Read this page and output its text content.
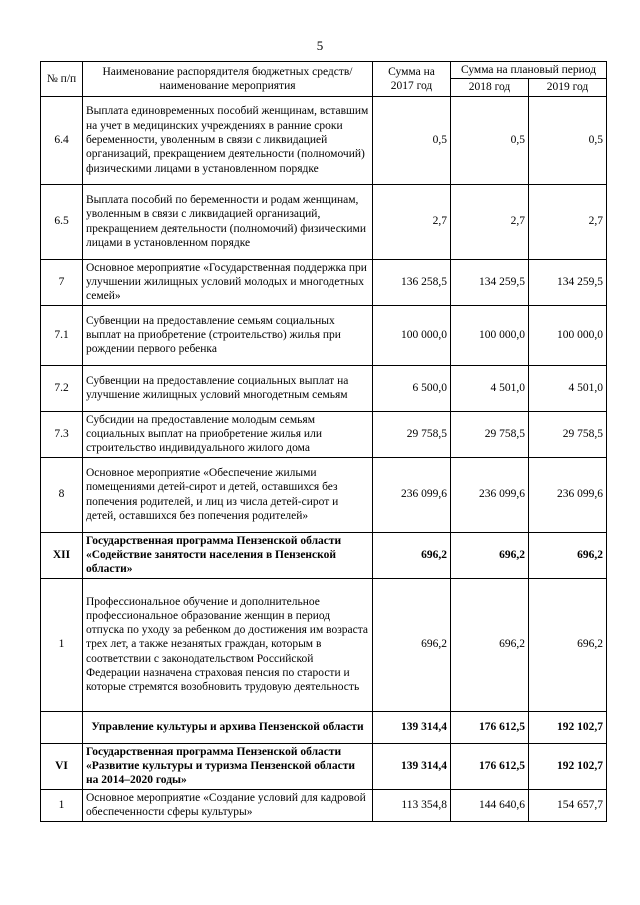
5
№ п/п	Наименование распорядителя бюджетных средств/наименование мероприятия	Сумма на 2017 год	Сумма на плановый период	
			2018 год	2019 год
6.4	Выплата единовременных пособий женщинам, вставшим на учет в медицинских учреждениях в ранние сроки беременности, уволенным в связи с ликвидацией организаций, прекращением деятельности (полномочий) физическими лицами в установленном порядке	0,5	0,5	0,5
6.5	Выплата пособий по беременности и родам женщинам, уволенным в связи с ликвидацией организаций, прекращением деятельности (полномочий) физическими лицами в установленном порядке	2,7	2,7	2,7
7	Основное мероприятие «Государственная поддержка при улучшении жилищных условий молодых и многодетных семей»	136 258,5	134 259,5	134 259,5
7.1	Субвенции на предоставление семьям социальных выплат на приобретение (строительство) жилья при рождении первого ребенка	100 000,0	100 000,0	100 000,0
7.2	Субвенции на предоставление социальных выплат на улучшение жилищных условий многодетным семьям	6 500,0	4 501,0	4 501,0
7.3	Субсидии на предоставление молодым семьям социальных выплат на приобретение жилья или строительство индивидуального жилого дома	29 758,5	29 758,5	29 758,5
8	Основное мероприятие «Обеспечение жилыми помещениями детей-сирот и детей, оставшихся без попечения родителей, и лиц из числа детей-сирот и детей, оставшихся без попечения родителей»	236 099,6	236 099,6	236 099,6
XII	Государственная программа Пензенской области «Содействие занятости населения в Пензенской области»	696,2	696,2	696,2
1	Профессиональное обучение и дополнительное профессиональное образование женщин в период отпуска по уходу за ребенком до достижения им возраста трех лет, а также незанятых граждан, которым в соответствии с законодательством Российской Федерации назначена страховая пенсия по старости и которые стремятся возобновить трудовую деятельность	696,2	696,2	696,2
	Управление культуры и архива Пензенской области	139 314,4	176 612,5	192 102,7
VI	Государственная программа Пензенской области «Развитие культуры и туризма Пензенской области на 2014–2020 годы»	139 314,4	176 612,5	192 102,7
1	Основное мероприятие «Создание условий для кадровой обеспеченности сферы культуры»	113 354,8	144 640,6	154 657,7
